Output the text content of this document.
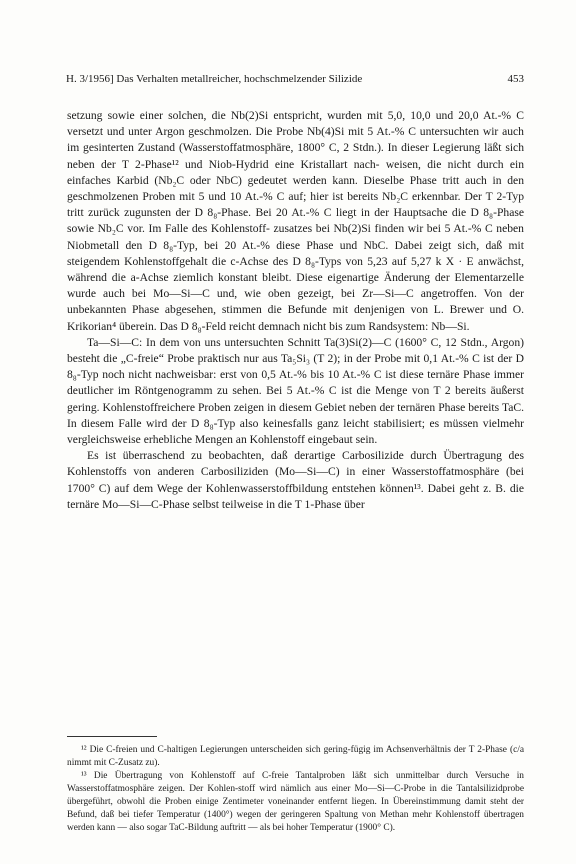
H. 3/1956] Das Verhalten metallreicher, hochschmelzender Silizide	453

setzung sowie einer solchen, die Nb(2)Si entspricht, wurden mit 5,0, 10,0 und 20,0 At.-% C versetzt und unter Argon geschmolzen. Die Probe Nb(4)Si mit 5 At.-% C untersuchten wir auch im gesinterten Zustand (Wasserstoffatmosphäre, 1800° C, 2 Stdn.). In dieser Legierung läßt sich neben der T 2-Phase¹² und Niob-Hydrid eine Kristallart nach- weisen, die nicht durch ein einfaches Karbid (Nb₂C oder NbC) gedeutet werden kann. Dieselbe Phase tritt auch in den geschmolzenen Proben mit 5 und 10 At.-% C auf; hier ist bereits Nb₂C erkennbar. Der T 2-Typ tritt zurück zugunsten der D 8₈-Phase. Bei 20 At.-% C liegt in der Hauptsache die D 8₈-Phase sowie Nb₂C vor. Im Falle des Kohlenstoff- zusatzes bei Nb(2)Si finden wir bei 5 At.-% C neben Niobmetall den D 8₈-Typ, bei 20 At.-% diese Phase und NbC. Dabei zeigt sich, daß mit steigendem Kohlenstoffgehalt die c-Achse des D 8₈-Typs von 5,23 auf 5,27 k X · E anwächst, während die a-Achse ziemlich konstant bleibt. Diese eigenartige Änderung der Elementarzelle wurde auch bei Mo—Si—C und, wie oben gezeigt, bei Zr—Si—C angetroffen. Von der unbekannten Phase abgesehen, stimmen die Befunde mit denjenigen von L. Brewer und O. Krikorian⁴ überein. Das D 8₈-Feld reicht demnach nicht bis zum Randsystem: Nb—Si.

Ta—Si—C: In dem von uns untersuchten Schnitt Ta(3)Si(2)—C (1600° C, 12 Stdn., Argon) besteht die „C-freie“ Probe praktisch nur aus Ta₅Si₃ (T 2); in der Probe mit 0,1 At.-% C ist der D 8₈-Typ noch nicht nachweisbar: erst von 0,5 At.-% bis 10 At.-% C ist diese ternäre Phase immer deutlicher im Röntgenogramm zu sehen. Bei 5 At.-% C ist die Menge von T 2 bereits äußerst gering. Kohlenstoffreichere Proben zeigen in diesem Gebiet neben der ternären Phase bereits TaC. In diesem Falle wird der D 8₈-Typ also keinesfalls ganz leicht stabilisiert; es müssen vielmehr vergleichsweise erhebliche Mengen an Kohlenstoff eingebaut sein.

Es ist überraschend zu beobachten, daß derartige Carbosilizide durch Übertragung des Kohlenstoffs von anderen Carbosiliziden (Mo—Si—C) in einer Wasserstoffatmosphäre (bei 1700° C) auf dem Wege der Kohlenwasserstoffbildung entstehen können¹³. Dabei geht z. B. die ternäre Mo—Si—C-Phase selbst teilweise in die T 1-Phase über

¹² Die C-freien und C-haltigen Legierungen unterscheiden sich gering-fügig im Achsenverhältnis der T 2-Phase (c/a nimmt mit C-Zusatz zu).

¹³ Die Übertragung von Kohlenstoff auf C-freie Tantalproben läßt sich unmittelbar durch Versuche in Wasserstoffatmosphäre zeigen. Der Kohlen-stoff wird nämlich aus einer Mo—Si—C-Probe in die Tantalsilizidprobe übergeführt, obwohl die Proben einige Zentimeter voneinander entfernt liegen. In Übereinstimmung damit steht der Befund, daß bei tiefer Temperatur (1400°) wegen der geringeren Spaltung von Methan mehr Kohlenstoff übertragen werden kann — also sogar TaC-Bildung auftritt — als bei hoher Temperatur (1900° C).
